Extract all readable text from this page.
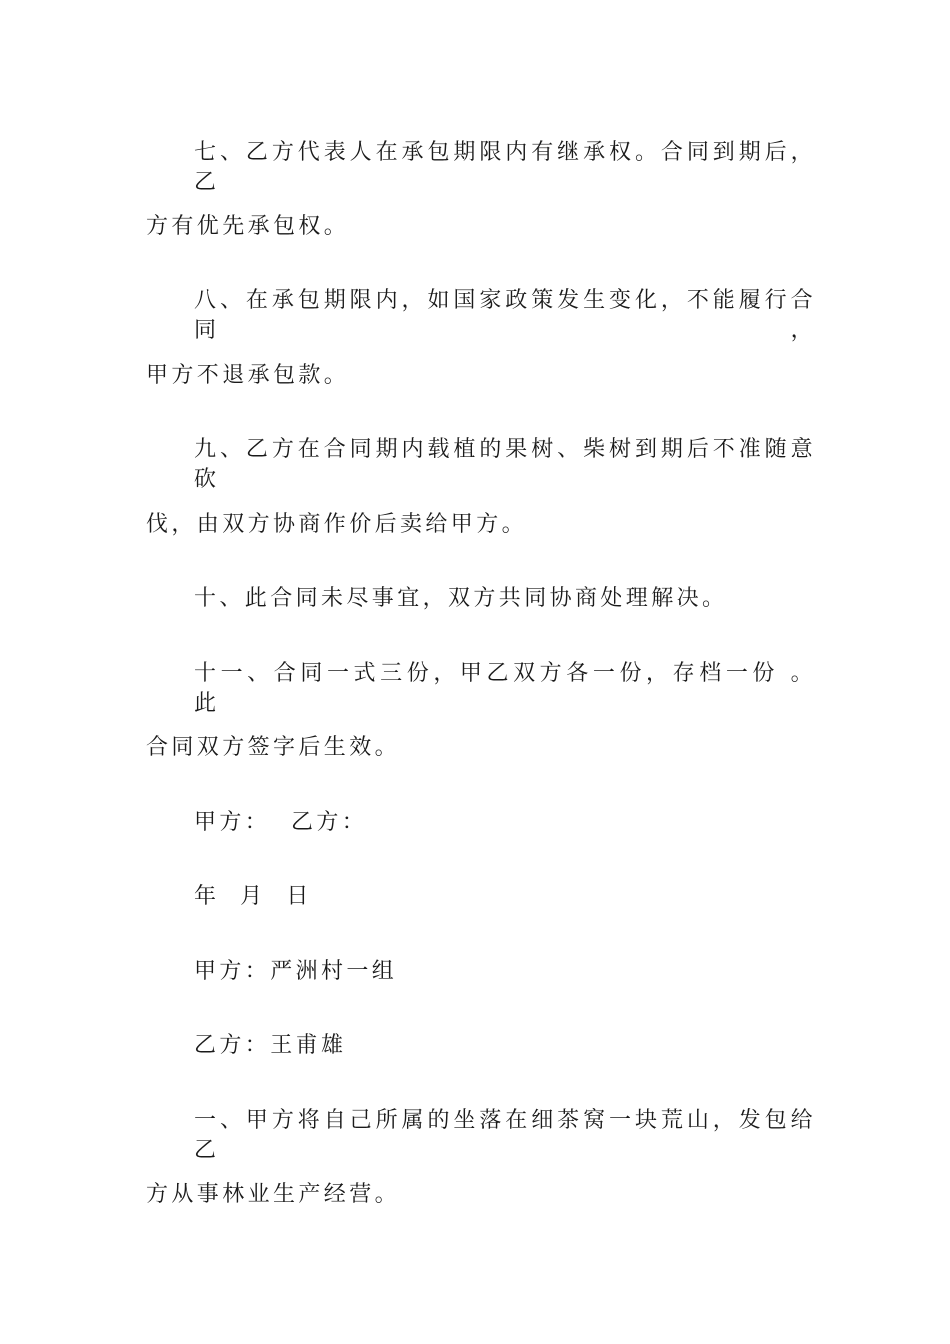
七、乙方代表人在承包期限内有继承权。合同到期后，乙
方有优先承包权。
八、在承包期限内，如国家政策发生变化，不能履行合同，
甲方不退承包款。
九、乙方在合同期内载植的果树、柴树到期后不准随意砍
伐，由双方协商作价后卖给甲方。
十、此合同未尽事宜，双方共同协商处理解决。
十一、合同一式三份，甲乙双方各一份，存档一份 。 此
合同双方签字后生效。
甲方：  乙方：
年  月  日
甲方：严洲村一组
乙方：王甫雄
一、甲方将自己所属的坐落在细茶窝一块荒山，发包给乙
方从事林业生产经营。
